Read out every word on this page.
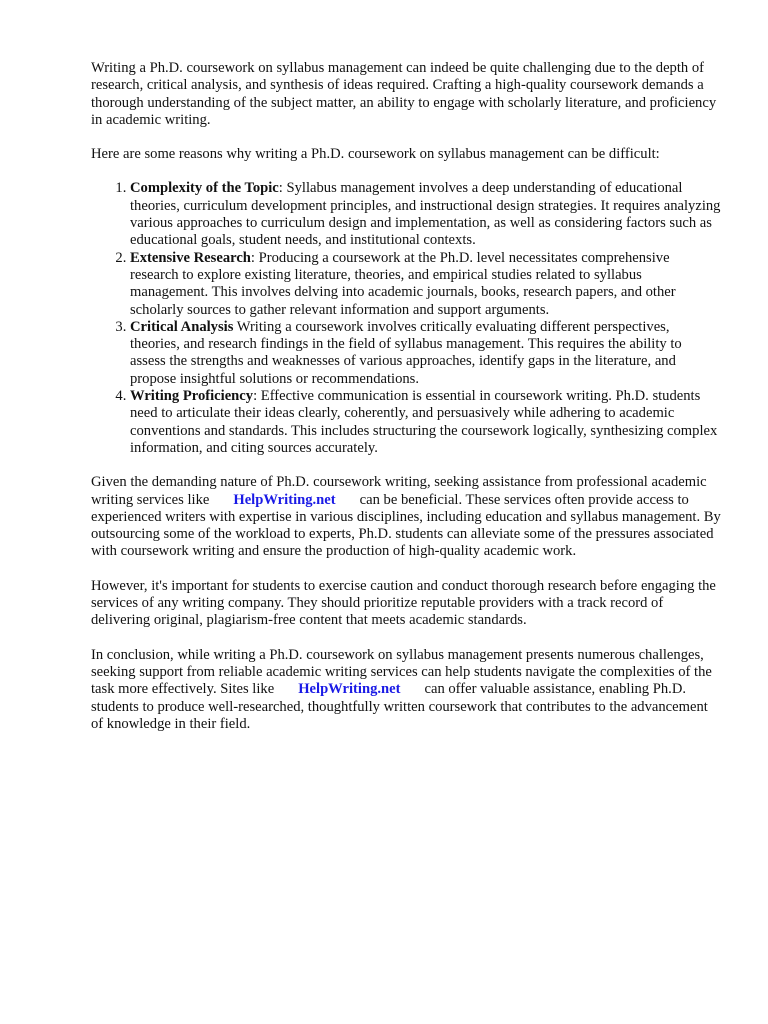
Writing a Ph.D. coursework on syllabus management can indeed be quite challenging due to the depth of research, critical analysis, and synthesis of ideas required. Crafting a high-quality coursework demands a thorough understanding of the subject matter, an ability to engage with scholarly literature, and proficiency in academic writing.

Here are some reasons why writing a Ph.D. coursework on syllabus management can be difficult:

1. Complexity of the Topic: Syllabus management involves a deep understanding of educational theories, curriculum development principles, and instructional design strategies. It requires analyzing various approaches to curriculum design and implementation, as well as considering factors such as educational goals, student needs, and institutional contexts.
2. Extensive Research: Producing a coursework at the Ph.D. level necessitates comprehensive research to explore existing literature, theories, and empirical studies related to syllabus management. This involves delving into academic journals, books, research papers, and other scholarly sources to gather relevant information and support arguments.
3. Critical Analysis Writing a coursework involves critically evaluating different perspectives, theories, and research findings in the field of syllabus management. This requires the ability to assess the strengths and weaknesses of various approaches, identify gaps in the literature, and propose insightful solutions or recommendations.
4. Writing Proficiency: Effective communication is essential in coursework writing. Ph.D. students need to articulate their ideas clearly, coherently, and persuasively while adhering to academic conventions and standards. This includes structuring the coursework logically, synthesizing complex information, and citing sources accurately.

Given the demanding nature of Ph.D. coursework writing, seeking assistance from professional academic writing services like HelpWriting.net can be beneficial. These services often provide access to experienced writers with expertise in various disciplines, including education and syllabus management. By outsourcing some of the workload to experts, Ph.D. students can alleviate some of the pressures associated with coursework writing and ensure the production of high-quality academic work.

However, it's important for students to exercise caution and conduct thorough research before engaging the services of any writing company. They should prioritize reputable providers with a track record of delivering original, plagiarism-free content that meets academic standards.

In conclusion, while writing a Ph.D. coursework on syllabus management presents numerous challenges, seeking support from reliable academic writing services can help students navigate the complexities of the task more effectively. Sites like HelpWriting.net can offer valuable assistance, enabling Ph.D. students to produce well-researched, thoughtfully written coursework that contributes to the advancement of knowledge in their field.
